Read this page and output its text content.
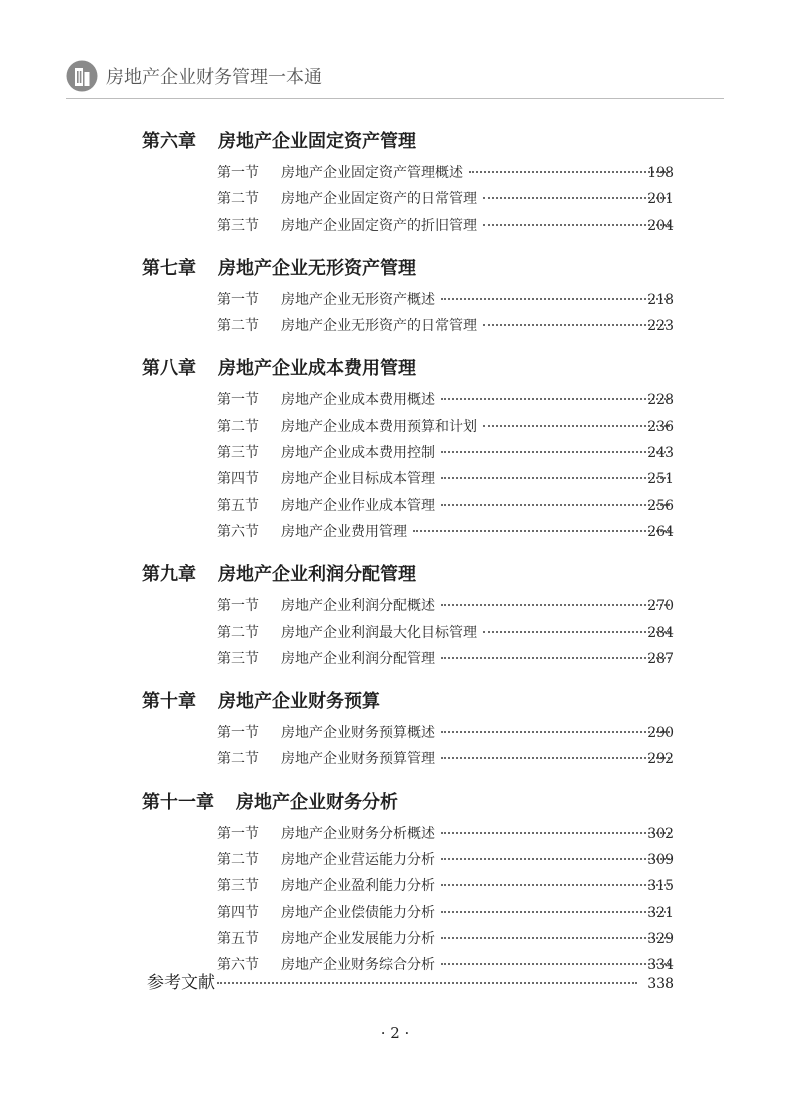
房地产企业财务管理一本通
第六章 房地产企业固定资产管理
第一节 房地产企业固定资产管理概述	198
第二节 房地产企业固定资产的日常管理	201
第三节 房地产企业固定资产的折旧管理	204
第七章 房地产企业无形资产管理
第一节 房地产企业无形资产概述	218
第二节 房地产企业无形资产的日常管理	223
第八章 房地产企业成本费用管理
第一节 房地产企业成本费用概述	228
第二节 房地产企业成本费用预算和计划	236
第三节 房地产企业成本费用控制	243
第四节 房地产企业目标成本管理	251
第五节 房地产企业作业成本管理	256
第六节 房地产企业费用管理	264
第九章 房地产企业利润分配管理
第一节 房地产企业利润分配概述	270
第二节 房地产企业利润最大化目标管理	284
第三节 房地产企业利润分配管理	287
第十章 房地产企业财务预算
第一节 房地产企业财务预算概述	290
第二节 房地产企业财务预算管理	292
第十一章 房地产企业财务分析
第一节 房地产企业财务分析概述	302
第二节 房地产企业营运能力分析	309
第三节 房地产企业盈利能力分析	315
第四节 房地产企业偿债能力分析	321
第五节 房地产企业发展能力分析	329
第六节 房地产企业财务综合分析	334
参考文献	338
· 2 ·
